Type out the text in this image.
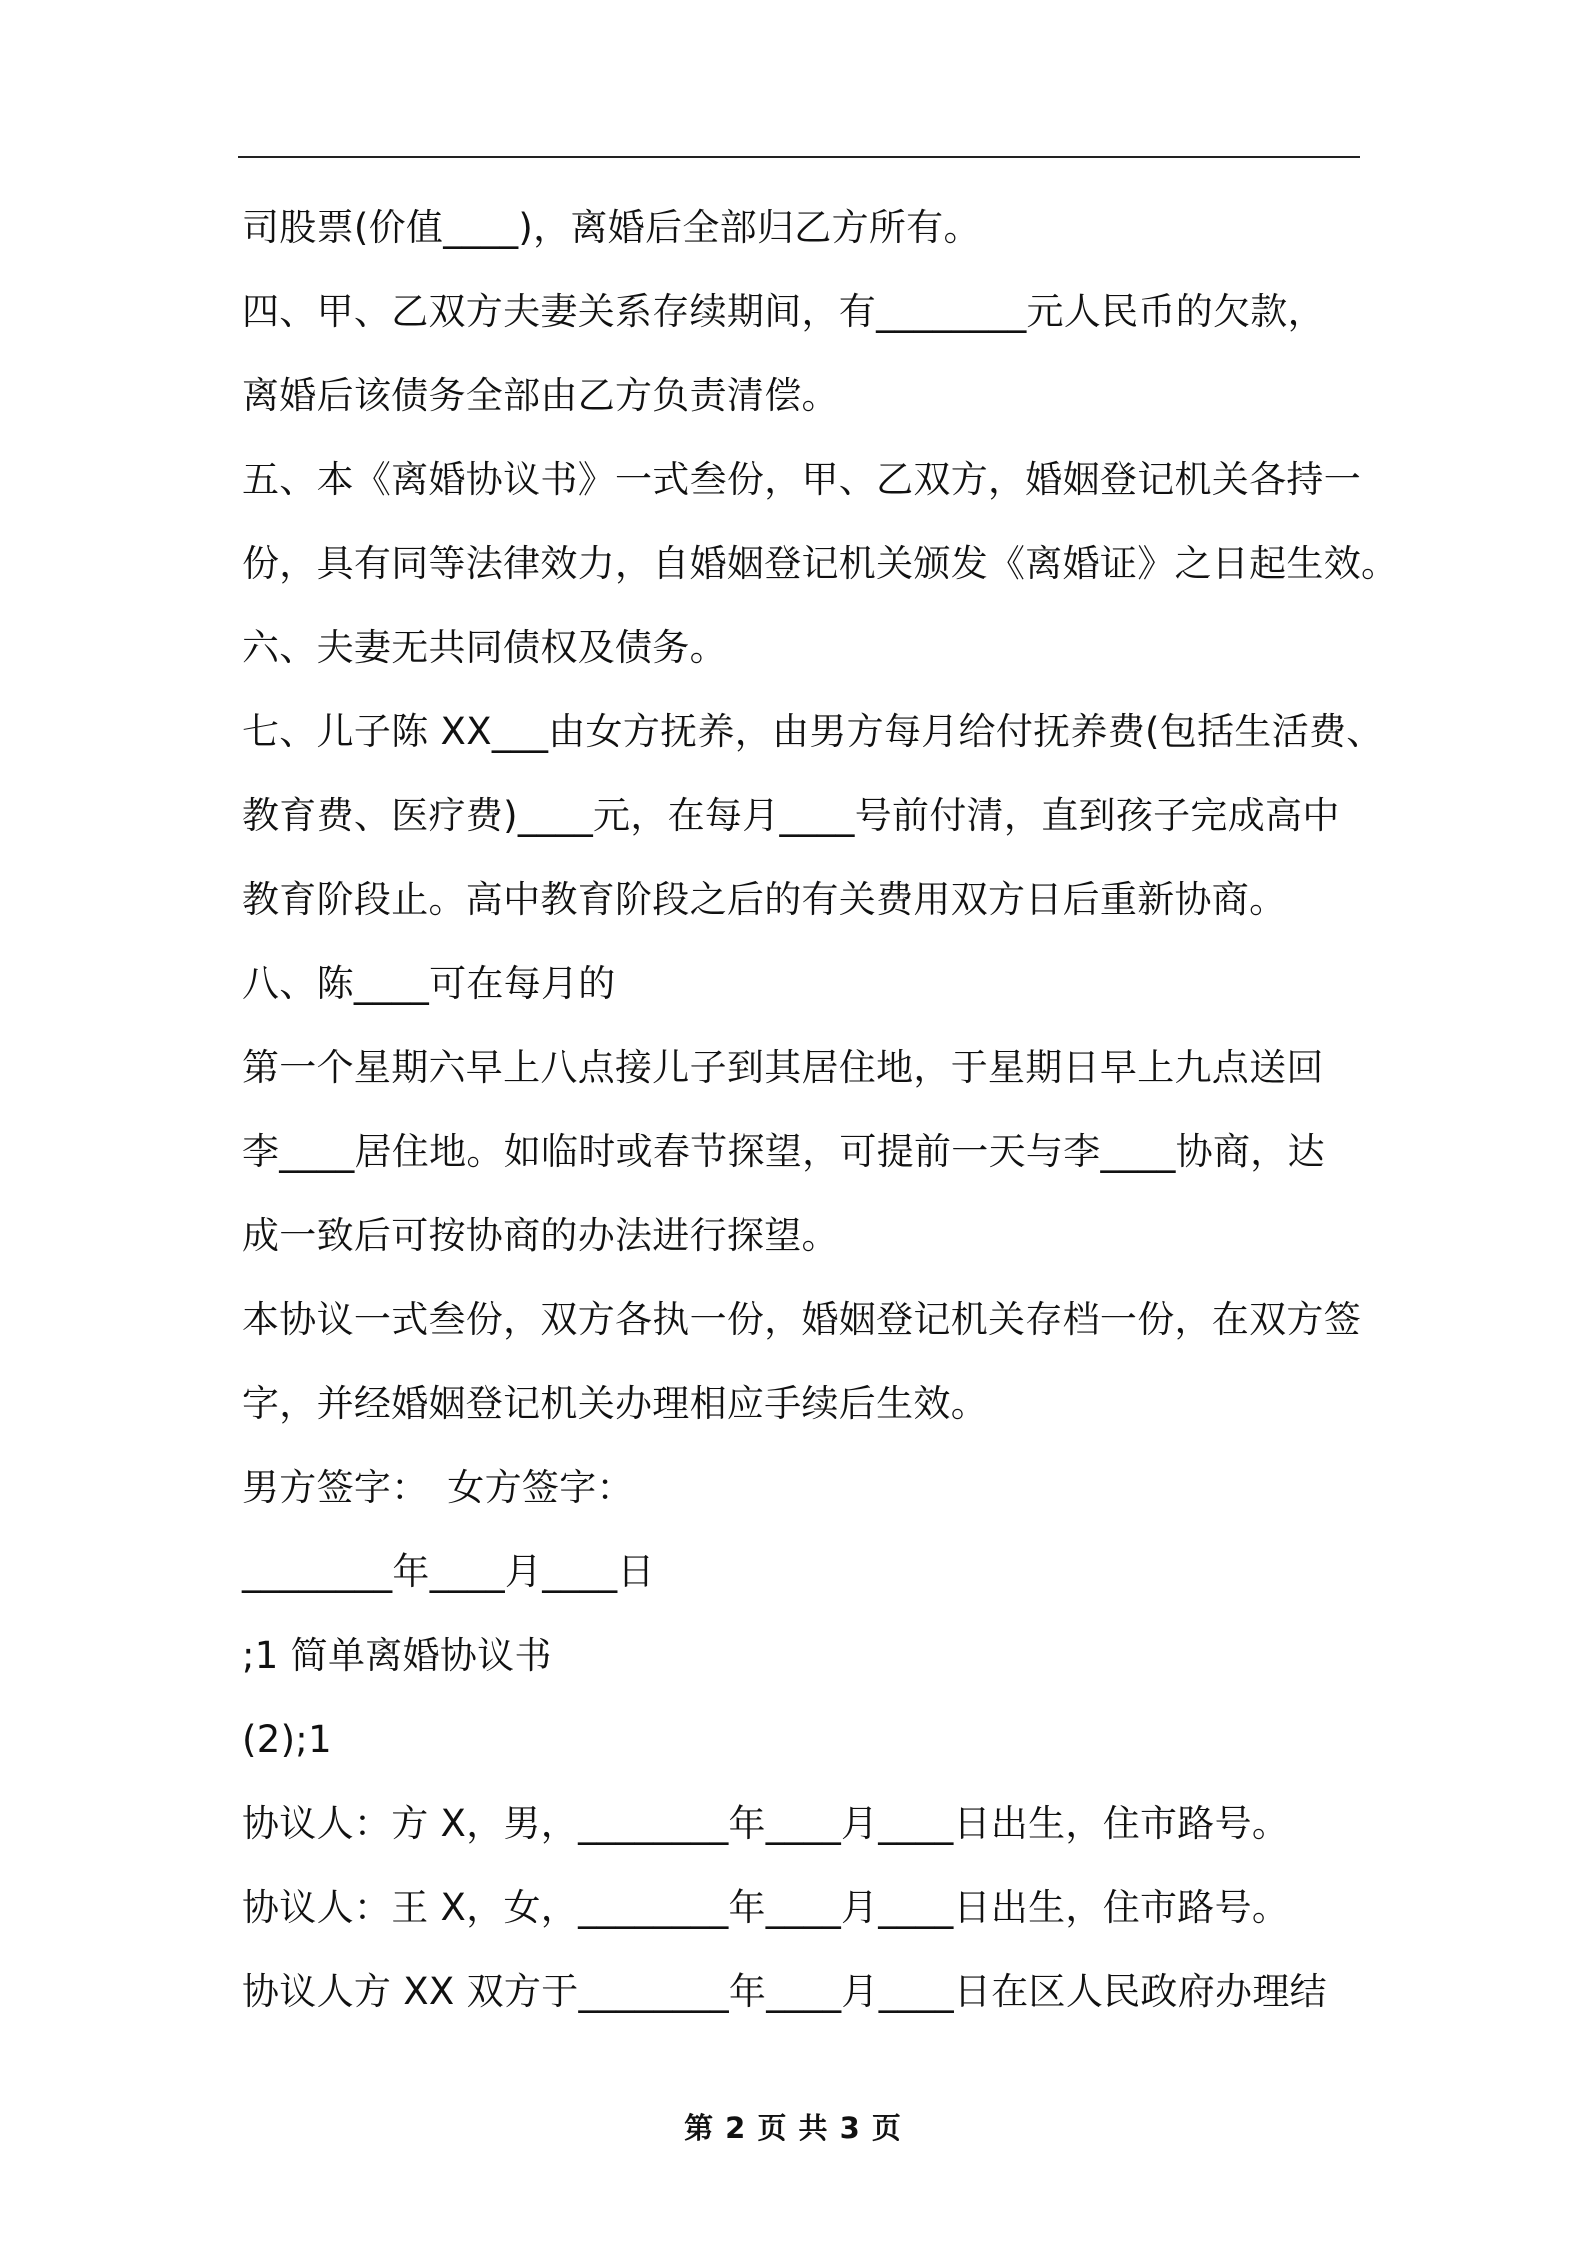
司股票(价值____)，离婚后全部归乙方所有。
四、甲、乙双方夫妻关系存续期间，有________元人民币的欠款，
离婚后该债务全部由乙方负责清偿。
五、本《离婚协议书》一式叁份，甲、乙双方，婚姻登记机关各持一
份，具有同等法律效力，自婚姻登记机关颁发《离婚证》之日起生效。
六、夫妻无共同债权及债务。
七、儿子陈 XX___由女方抚养，由男方每月给付抚养费(包括生活费、
教育费、医疗费)____元，在每月____号前付清，直到孩子完成高中
教育阶段止。高中教育阶段之后的有关费用双方日后重新协商。
八、陈____可在每月的
第一个星期六早上八点接儿子到其居住地，于星期日早上九点送回
李____居住地。如临时或春节探望，可提前一天与李____协商，达
成一致后可按协商的办法进行探望。
本协议一式叁份，双方各执一份，婚姻登记机关存档一份，在双方签
字，并经婚姻登记机关办理相应手续后生效。
男方签字：　女方签字：
________年____月____日
;1 简单离婚协议书
(2);1
协议人：方 X，男，________年____月____日出生，住市路号。
协议人：王 X，女，________年____月____日出生，住市路号。
协议人方 XX 双方于________年____月____日在区人民政府办理结
第 2 页 共 3 页
